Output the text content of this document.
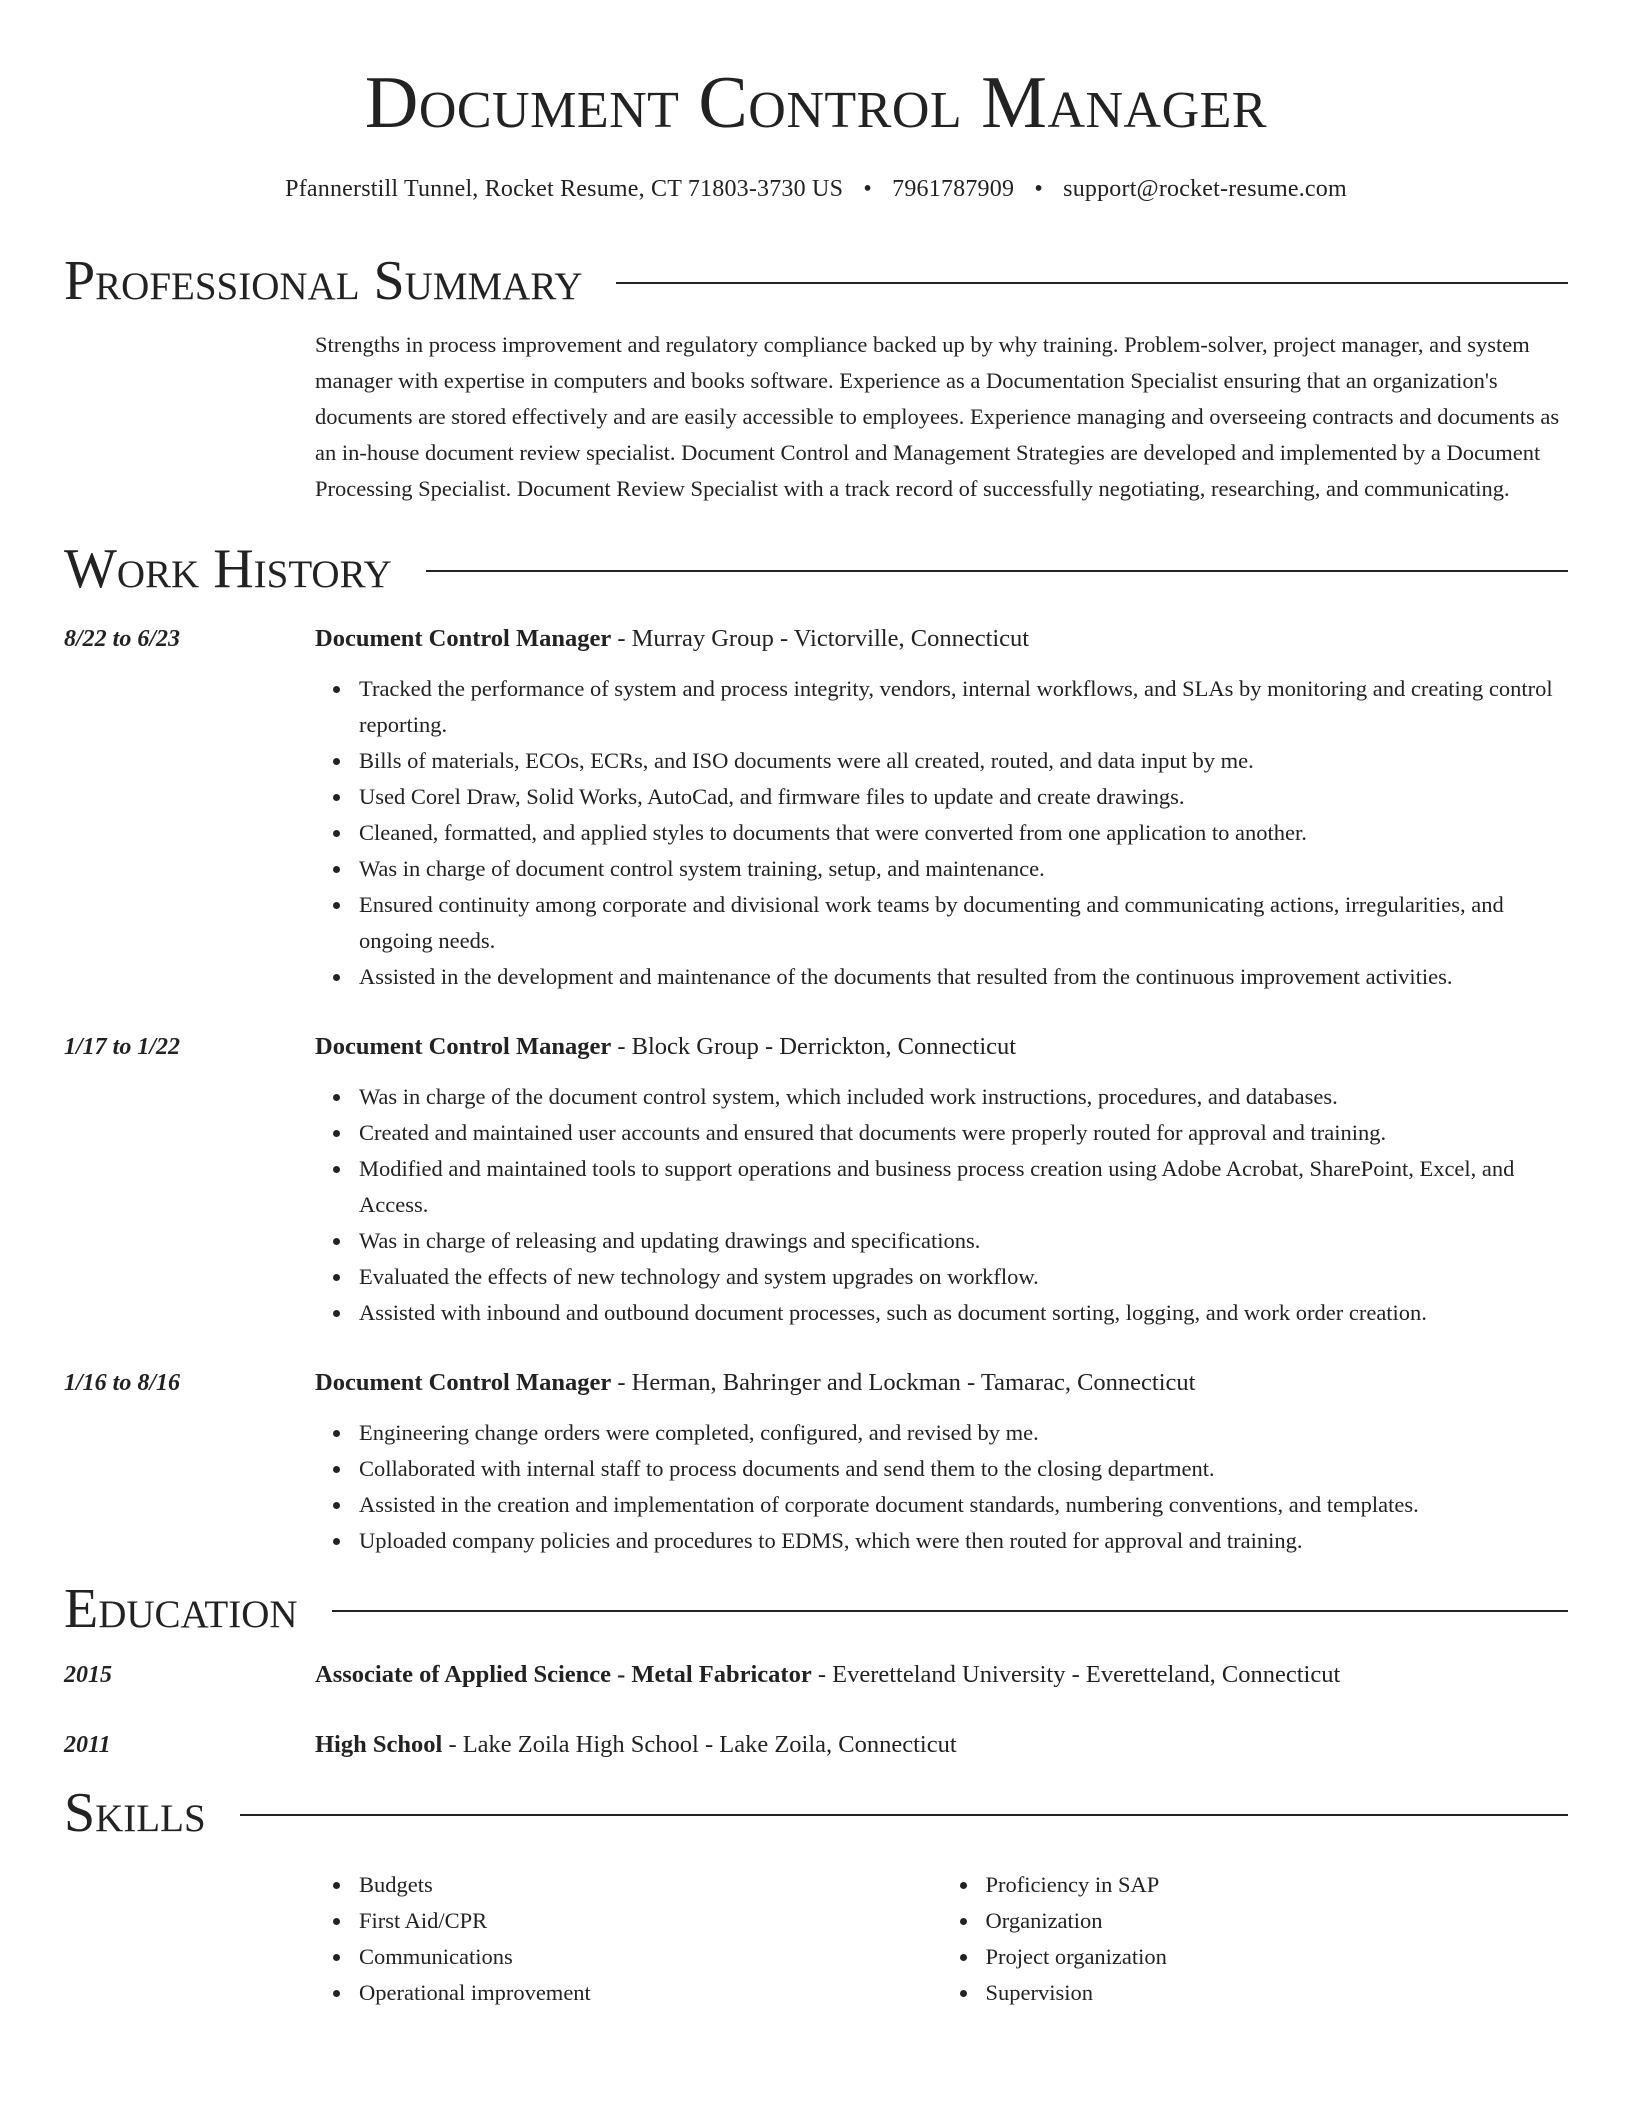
Document Control Manager
Pfannerstill Tunnel, Rocket Resume, CT 71803-3730 US • 7961787909 • support@rocket-resume.com
Professional Summary
Strengths in process improvement and regulatory compliance backed up by why training. Problem-solver, project manager, and system manager with expertise in computers and books software. Experience as a Documentation Specialist ensuring that an organization's documents are stored effectively and are easily accessible to employees. Experience managing and overseeing contracts and documents as an in-house document review specialist. Document Control and Management Strategies are developed and implemented by a Document Processing Specialist. Document Review Specialist with a track record of successfully negotiating, researching, and communicating.
Work History
8/22 to 6/23	Document Control Manager - Murray Group - Victorville, Connecticut
Tracked the performance of system and process integrity, vendors, internal workflows, and SLAs by monitoring and creating control reporting.
Bills of materials, ECOs, ECRs, and ISO documents were all created, routed, and data input by me.
Used Corel Draw, Solid Works, AutoCad, and firmware files to update and create drawings.
Cleaned, formatted, and applied styles to documents that were converted from one application to another.
Was in charge of document control system training, setup, and maintenance.
Ensured continuity among corporate and divisional work teams by documenting and communicating actions, irregularities, and ongoing needs.
Assisted in the development and maintenance of the documents that resulted from the continuous improvement activities.
1/17 to 1/22	Document Control Manager - Block Group - Derrickton, Connecticut
Was in charge of the document control system, which included work instructions, procedures, and databases.
Created and maintained user accounts and ensured that documents were properly routed for approval and training.
Modified and maintained tools to support operations and business process creation using Adobe Acrobat, SharePoint, Excel, and Access.
Was in charge of releasing and updating drawings and specifications.
Evaluated the effects of new technology and system upgrades on workflow.
Assisted with inbound and outbound document processes, such as document sorting, logging, and work order creation.
1/16 to 8/16	Document Control Manager - Herman, Bahringer and Lockman - Tamarac, Connecticut
Engineering change orders were completed, configured, and revised by me.
Collaborated with internal staff to process documents and send them to the closing department.
Assisted in the creation and implementation of corporate document standards, numbering conventions, and templates.
Uploaded company policies and procedures to EDMS, which were then routed for approval and training.
Education
2015	Associate of Applied Science - Metal Fabricator - Everetteland University - Everetteland, Connecticut
2011	High School - Lake Zoila High School - Lake Zoila, Connecticut
Skills
Budgets
First Aid/CPR
Communications
Operational improvement
Proficiency in SAP
Organization
Project organization
Supervision
